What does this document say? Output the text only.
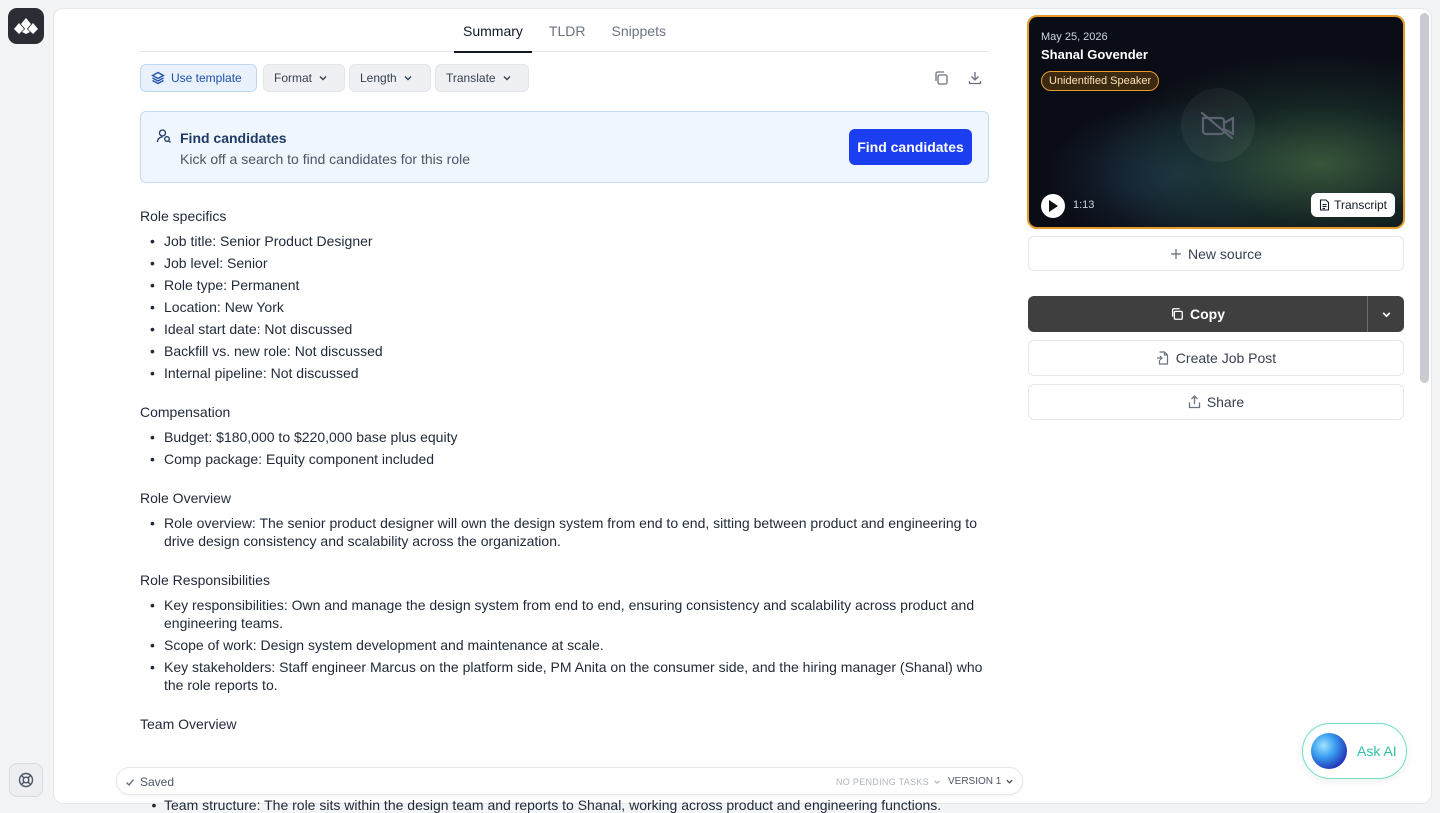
Summary	TLDR	Snippets
Use template	Format	Length	Translate
Find candidates
Kick off a search to find candidates for this role
Find candidates
Role specifics
• Job title: Senior Product Designer
• Job level: Senior
• Role type: Permanent
• Location: New York
• Ideal start date: Not discussed
• Backfill vs. new role: Not discussed
• Internal pipeline: Not discussed
Compensation
• Budget: $180,000 to $220,000 base plus equity
• Comp package: Equity component included
Role Overview
• Role overview: The senior product designer will own the design system from end to end, sitting between product and engineering to drive design consistency and scalability across the organization.
Role Responsibilities
• Key responsibilities: Own and manage the design system from end to end, ensuring consistency and scalability across product and engineering teams.
• Scope of work: Design system development and maintenance at scale.
• Key stakeholders: Staff engineer Marcus on the platform side, PM Anita on the consumer side, and the hiring manager (Shanal) who the role reports to.
Team Overview
• Team structure: The role sits within the design team and reports to Shanal, working across product and engineering functions.
Saved	NO PENDING TASKS VERSION 1
May 25, 2026
Shanal Govender
Unidentified Speaker
1:13	Transcript
New source
Copy
Create Job Post
Share
Ask AI
